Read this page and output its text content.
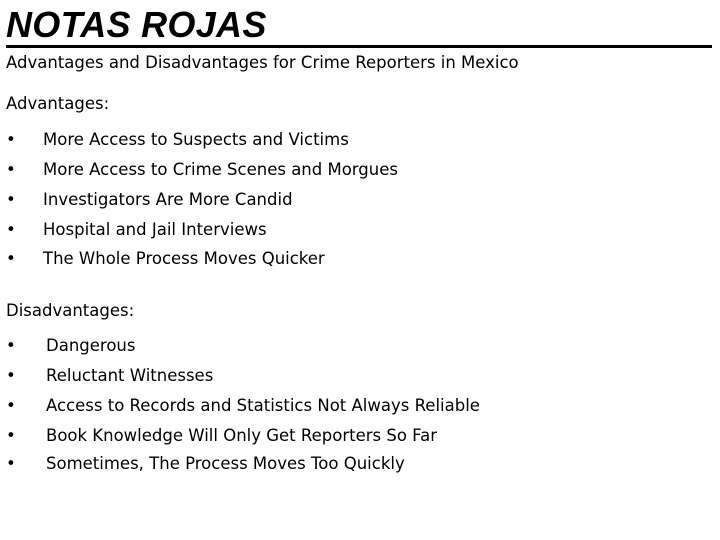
NOTAS ROJAS
Advantages and Disadvantages for Crime Reporters in Mexico
Advantages:
• More Access to Suspects and Victims
• More Access to Crime Scenes and Morgues
• Investigators Are More Candid
• Hospital and Jail Interviews
• The Whole Process Moves Quicker
Disadvantages:
• Dangerous
• Reluctant Witnesses
• Access to Records and Statistics Not Always Reliable
• Book Knowledge Will Only Get Reporters So Far
• Sometimes, The Process Moves Too Quickly
